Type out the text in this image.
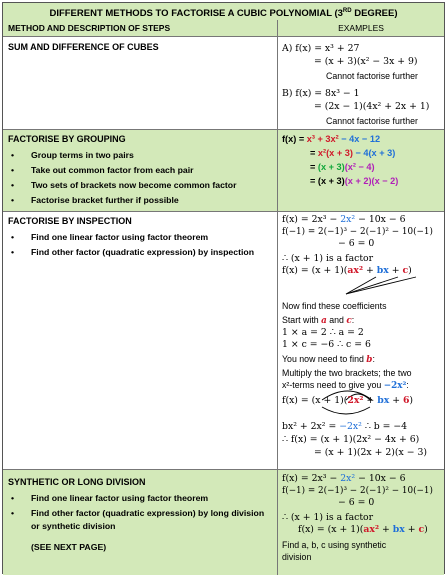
DIFFERENT METHODS TO FACTORISE A CUBIC POLYNOMIAL (3RD DEGREE)
METHOD AND DESCRIPTION OF STEPS	EXAMPLES
SUM AND DIFFERENCE OF CUBES	A) f(x) = x³ + 27
= (x + 3)(x² − 3x + 9)
Cannot factorise further
B) f(x) = 8x³ − 1
= (2x − 1)(4x² + 2x + 1)
Cannot factorise further
FACTORISE BY GROUPING
• Group terms in two pairs
• Take out common factor from each pair
• Two sets of brackets now become common factor
• Factorise bracket further if possible
f(x) = x³ + 3x² − 4x − 12
= x²(x + 3) − 4(x + 3)
= (x + 3)(x² − 4)
= (x + 3)(x + 2)(x − 2)
FACTORISE BY INSPECTION
• Find one linear factor using factor theorem
• Find other factor (quadratic expression) by inspection
f(x) = 2x³ − 2x² − 10x − 6
f(−1) = 2(−1)³ − 2(−1)² − 10(−1)
− 6 = 0
∴ (x + 1) is a factor
f(x) = (x + 1)(ax² + bx + c)
Now find these coefficients
Start with a and c:
1 × a = 2 ∴ a = 2
1 × c = −6 ∴ c = 6
You now need to find b:
Multiply the two brackets; the two
x²-terms need to give you −2x²:
f(x) = (x + 1)(2x² + bx + 6)
bx² + 2x² = −2x² ∴ b = −4
∴ f(x) = (x + 1)(2x² − 4x + 6)
= (x + 1)(2x + 2)(x − 3)
SYNTHETIC OR LONG DIVISION
• Find one linear factor using factor theorem
• Find other factor (quadratic expression) by long division or synthetic division
(SEE NEXT PAGE)
f(x) = 2x³ − 2x² − 10x − 6
f(−1) = 2(−1)³ − 2(−1)² − 10(−1)
− 6 = 0
∴ (x + 1) is a factor
f(x) = (x + 1)(ax² + bx + c)
Find a, b, c using synthetic
division
